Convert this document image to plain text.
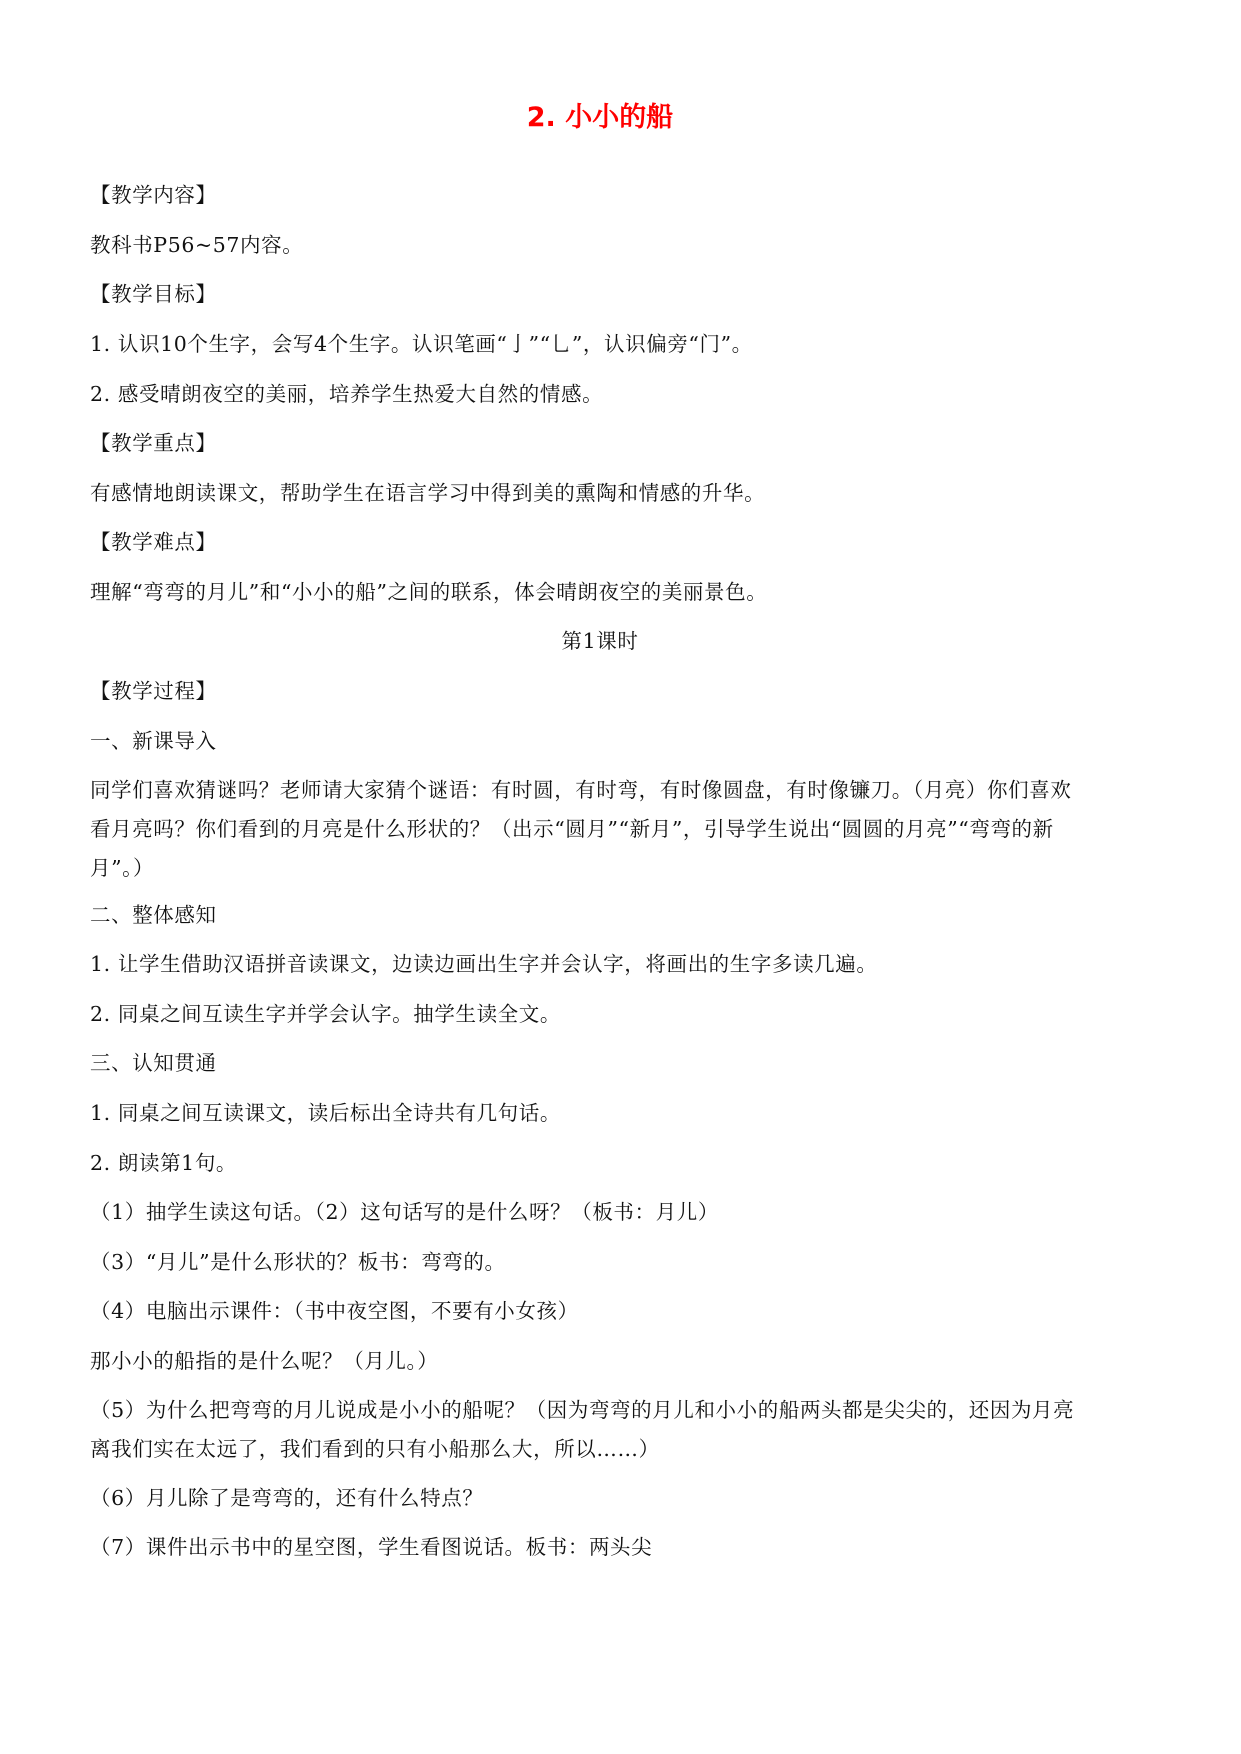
2. 小小的船
【教学内容】
教科书P56~57内容。
【教学目标】
1. 认识10个生字，会写4个生字。认识笔画“亅”“乚”，认识偏旁“门”。
2. 感受晴朗夜空的美丽，培养学生热爱大自然的情感。
【教学重点】
有感情地朗读课文，帮助学生在语言学习中得到美的熏陶和情感的升华。
【教学难点】
理解“弯弯的月儿”和“小小的船”之间的联系，体会晴朗夜空的美丽景色。
第1课时
【教学过程】
一、新课导入
同学们喜欢猜谜吗？老师请大家猜个谜语：有时圆，有时弯，有时像圆盘，有时像镰刀。（月亮）你们喜欢看月亮吗？你们看到的月亮是什么形状的？（出示“圆月”“新月”，引导学生说出“圆圆的月亮”“弯弯的新月”。）
二、整体感知
1. 让学生借助汉语拼音读课文，边读边画出生字并会认字，将画出的生字多读几遍。
2. 同桌之间互读生字并学会认字。抽学生读全文。
三、认知贯通
1. 同桌之间互读课文，读后标出全诗共有几句话。
2. 朗读第1句。
（1）抽学生读这句话。（2）这句话写的是什么呀？（板书：月儿）
（3）“月儿”是什么形状的？板书：弯弯的。
（4）电脑出示课件：（书中夜空图，不要有小女孩）
那小小的船指的是什么呢？（月儿。）
（5）为什么把弯弯的月儿说成是小小的船呢？（因为弯弯的月儿和小小的船两头都是尖尖的，还因为月亮离我们实在太远了，我们看到的只有小船那么大，所以……）
（6）月儿除了是弯弯的，还有什么特点？
（7）课件出示书中的星空图，学生看图说话。板书：两头尖
